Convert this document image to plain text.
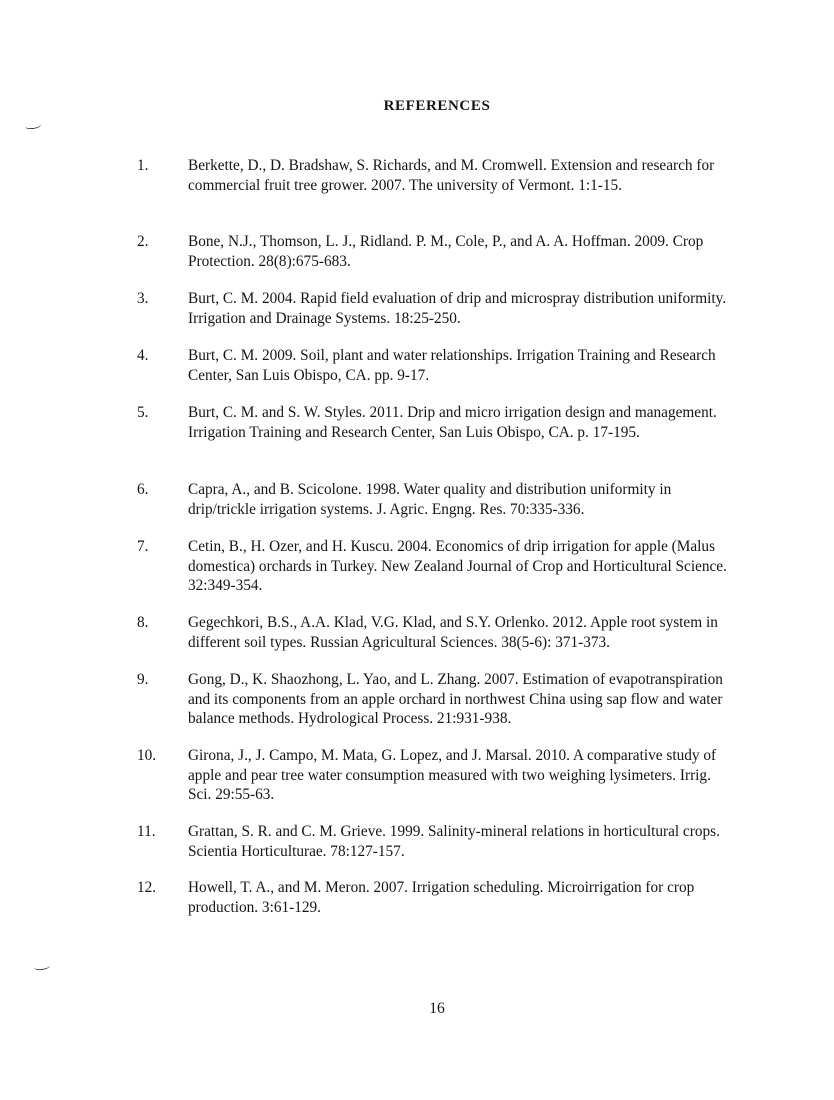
REFERENCES
1.	Berkette, D., D. Bradshaw, S. Richards, and M. Cromwell. Extension and research for commercial fruit tree grower. 2007. The university of Vermont. 1:1-15.
2.	Bone, N.J., Thomson, L. J., Ridland. P. M., Cole, P., and A. A. Hoffman. 2009. Crop Protection. 28(8):675-683.
3.	Burt, C. M. 2004. Rapid field evaluation of drip and microspray distribution uniformity. Irrigation and Drainage Systems. 18:25-250.
4.	Burt, C. M. 2009. Soil, plant and water relationships. Irrigation Training and Research Center, San Luis Obispo, CA. pp. 9-17.
5.	Burt, C. M. and S. W. Styles. 2011. Drip and micro irrigation design and management. Irrigation Training and Research Center, San Luis Obispo, CA. p. 17-195.
6.	Capra, A., and B. Scicolone. 1998. Water quality and distribution uniformity in drip/trickle irrigation systems. J. Agric. Engng. Res. 70:335-336.
7.	Cetin, B., H. Ozer, and H. Kuscu. 2004. Economics of drip irrigation for apple (Malus domestica) orchards in Turkey. New Zealand Journal of Crop and Horticultural Science. 32:349-354.
8.	Gegechkori, B.S., A.A. Klad, V.G. Klad, and S.Y. Orlenko. 2012. Apple root system in different soil types. Russian Agricultural Sciences. 38(5-6): 371-373.
9.	Gong, D., K. Shaozhong, L. Yao, and L. Zhang. 2007. Estimation of evapotranspiration and its components from an apple orchard in northwest China using sap flow and water balance methods. Hydrological Process. 21:931-938.
10.	Girona, J., J. Campo, M. Mata, G. Lopez, and J. Marsal. 2010. A comparative study of apple and pear tree water consumption measured with two weighing lysimeters. Irrig. Sci. 29:55-63.
11.	Grattan, S. R. and C. M. Grieve. 1999. Salinity-mineral relations in horticultural crops. Scientia Horticulturae. 78:127-157.
12.	Howell, T. A., and M. Meron. 2007. Irrigation scheduling. Microirrigation for crop production. 3:61-129.
16
